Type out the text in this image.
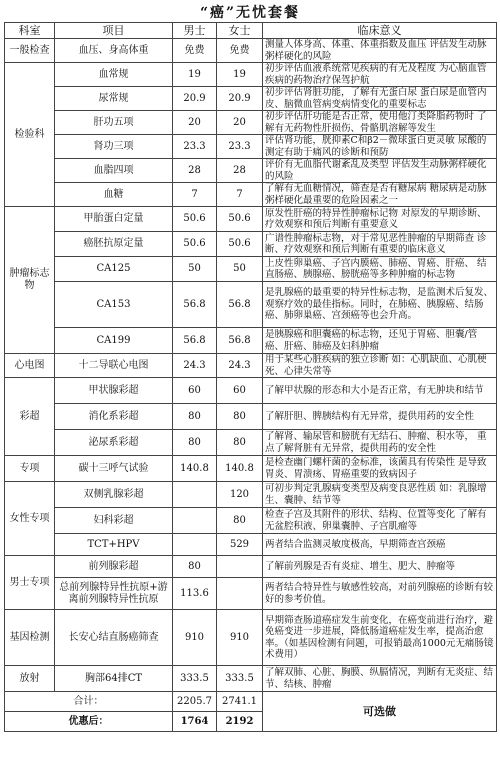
“癌”无忧套餐
科室	项目	男士	女士	临床意义
一般检查	血压、身高体重	免费	免费	测量人体身高、体重、体重指数及血压 评估发生动脉粥样硬化的风险
检验科	血常规	19	19	初步评估血液系统常见疾病的有无及程度 为心脑血管疾病的药物治疗保驾护航
	尿常规	20.9	20.9	初步评估肾脏功能，了解有无蛋白尿 蛋白尿是血管内皮、脑微血管病变病情变化的重要标志
	肝功五项	20	20	初步评估肝功能是否正常，使用他汀类降脂药物时 了解有无药物性肝损伤、骨骼肌溶解等发生
	肾功三项	23.3	23.3	评估肾功能，胱抑素C和β2－微球蛋白更灵敏 尿酸的测定有助于痛风的诊断和预防
	血脂四项	28	28	评价有无血脂代谢紊乱及类型 评估发生动脉粥样硬化的风险
	血糖	7	7	了解有无血糖情况，筛查是否有糖尿病 糖尿病是动脉粥样硬化最重要的危险因素之一
肿瘤标志物	甲胎蛋白定量	50.6	50.6	原发性肝癌的特异性肿瘤标记物 对原发的早期诊断、疗效观察和预后判断有重要意义
	癌胚抗原定量	50.6	50.6	广谱性肿瘤标志物，对于常见恶性肿瘤的早期筛查 诊断、疗效观察和预后判断有重要的临床意义
	CA125	50	50	上皮性卵巢癌、子宫内膜癌、肺癌、胃癌、肝癌、 结直肠癌、胰腺癌、膀胱癌等多种肿瘤的标志物
	CA153	56.8	56.8	是乳腺癌的最重要的特异性标志物，是监测术后复发、观察疗效的最佳指标。同时，在肺癌、胰腺癌、结肠癌、肺卵巢癌、宫颈癌等也会升高。
	CA199	56.8	56.8	是胰腺癌和胆囊癌的标志物，还见于胃癌、胆囊/管癌、肝癌、肺癌及妇科肿瘤
心电图	十二导联心电图	24.3	24.3	用于某些心脏疾病的独立诊断 如：心肌缺血、心肌梗死、心律失常等
彩超	甲状腺彩超	60	60	了解甲状腺的形态和大小是否正常，有无肿块和结节
	消化系彩超	80	80	了解肝胆、脾胰结构有无异常，提供用药的安全性
	泌尿系彩超	80	80	了解肾、输尿管和膀胱有无结石、肿瘤、积水等， 重点了解肾脏有无异常，提供用药的安全性
专项	碳十三呼气试验	140.8	140.8	是检查幽门螺杆菌的金标准，该菌具有传染性 是导致胃炎、胃溃疡、胃癌重要的致病因子
女性专项	双侧乳腺彩超		120	可初步判定乳腺病变类型及病变良恶性质 如：乳腺增生、囊肿、结节等
	妇科彩超		80	检查子宫及其附件的形状、结构、位置等变化 了解有无盆腔积液、卵巢囊肿、子宫肌瘤等
	TCT+HPV		529	两者结合监测灵敏度极高，早期筛查宫颈癌
男士专项	前列腺彩超	80		了解前列腺是否有炎症、增生、肥大、肿瘤等
	总前列腺特异性抗原+游离前列腺特异性抗原	113.6		两者结合特异性与敏感性较高，对前列腺癌的诊断有较好的参考价值。
基因检测	长安心结直肠癌筛查	910	910	早期筛查肠道癌症发生前变化，在癌变前进行治疗，避免癌变进一步进展，降低肠道癌症发生率，提高治愈率。（如基因检测有问题，可报销最高1000元无痛肠镜术费用）
放射	胸部64排CT	333.5	333.5	了解双肺、心脏、胸膜、纵膈情况，判断有无炎症、结节、结核、肿瘤
合计：		2205.7	2741.1	可选做
优惠后：		1764	2192	
